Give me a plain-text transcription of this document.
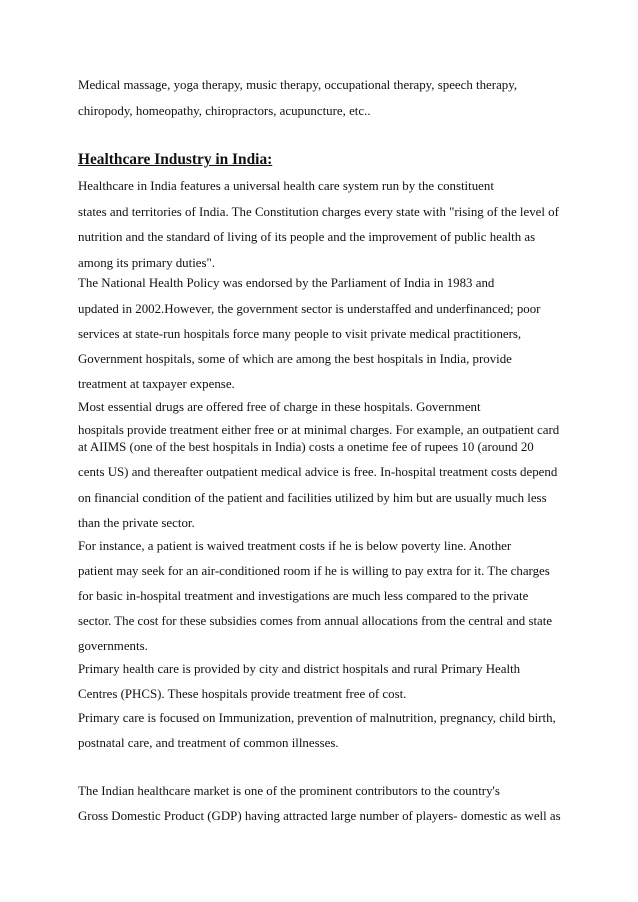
Medical massage, yoga therapy, music therapy, occupational therapy, speech therapy,

chiropody, homeopathy, chiropractors, acupuncture, etc..

Healthcare Industry in India:

Healthcare in India features a universal health care system run by the constituent

states and territories of India. The Constitution charges every state with "rising of the level of

nutrition and the standard of living of its people and the improvement of public health as

among its primary duties".

The National Health Policy was endorsed by the Parliament of India in 1983 and

updated in 2002.However, the government sector is understaffed and underfinanced; poor

services at state-run hospitals force many people to visit private medical practitioners,

Government hospitals, some of which are among the best hospitals in India, provide

treatment at taxpayer expense.

Most essential drugs are offered free of charge in these hospitals. Government

hospitals provide treatment either free or at minimal charges. For example, an outpatient card

at AIIMS (one of the best hospitals in India) costs a onetime fee of rupees 10 (around 20

cents US) and thereafter outpatient medical advice is free. In-hospital treatment costs depend

on financial condition of the patient and facilities utilized by him but are usually much less

than the private sector.

For instance, a patient is waived treatment costs if he is below poverty line. Another

patient may seek for an air-conditioned room if he is willing to pay extra for it. The charges

for basic in-hospital treatment and investigations are much less compared to the private

sector. The cost for these subsidies comes from annual allocations from the central and state

governments.

Primary health care is provided by city and district hospitals and rural Primary Health

Centres (PHCS). These hospitals provide treatment free of cost.

Primary care is focused on Immunization, prevention of malnutrition, pregnancy, child birth,

postnatal care, and treatment of common illnesses.

The Indian healthcare market is one of the prominent contributors to the country's

Gross Domestic Product (GDP) having attracted large number of players- domestic as well as
